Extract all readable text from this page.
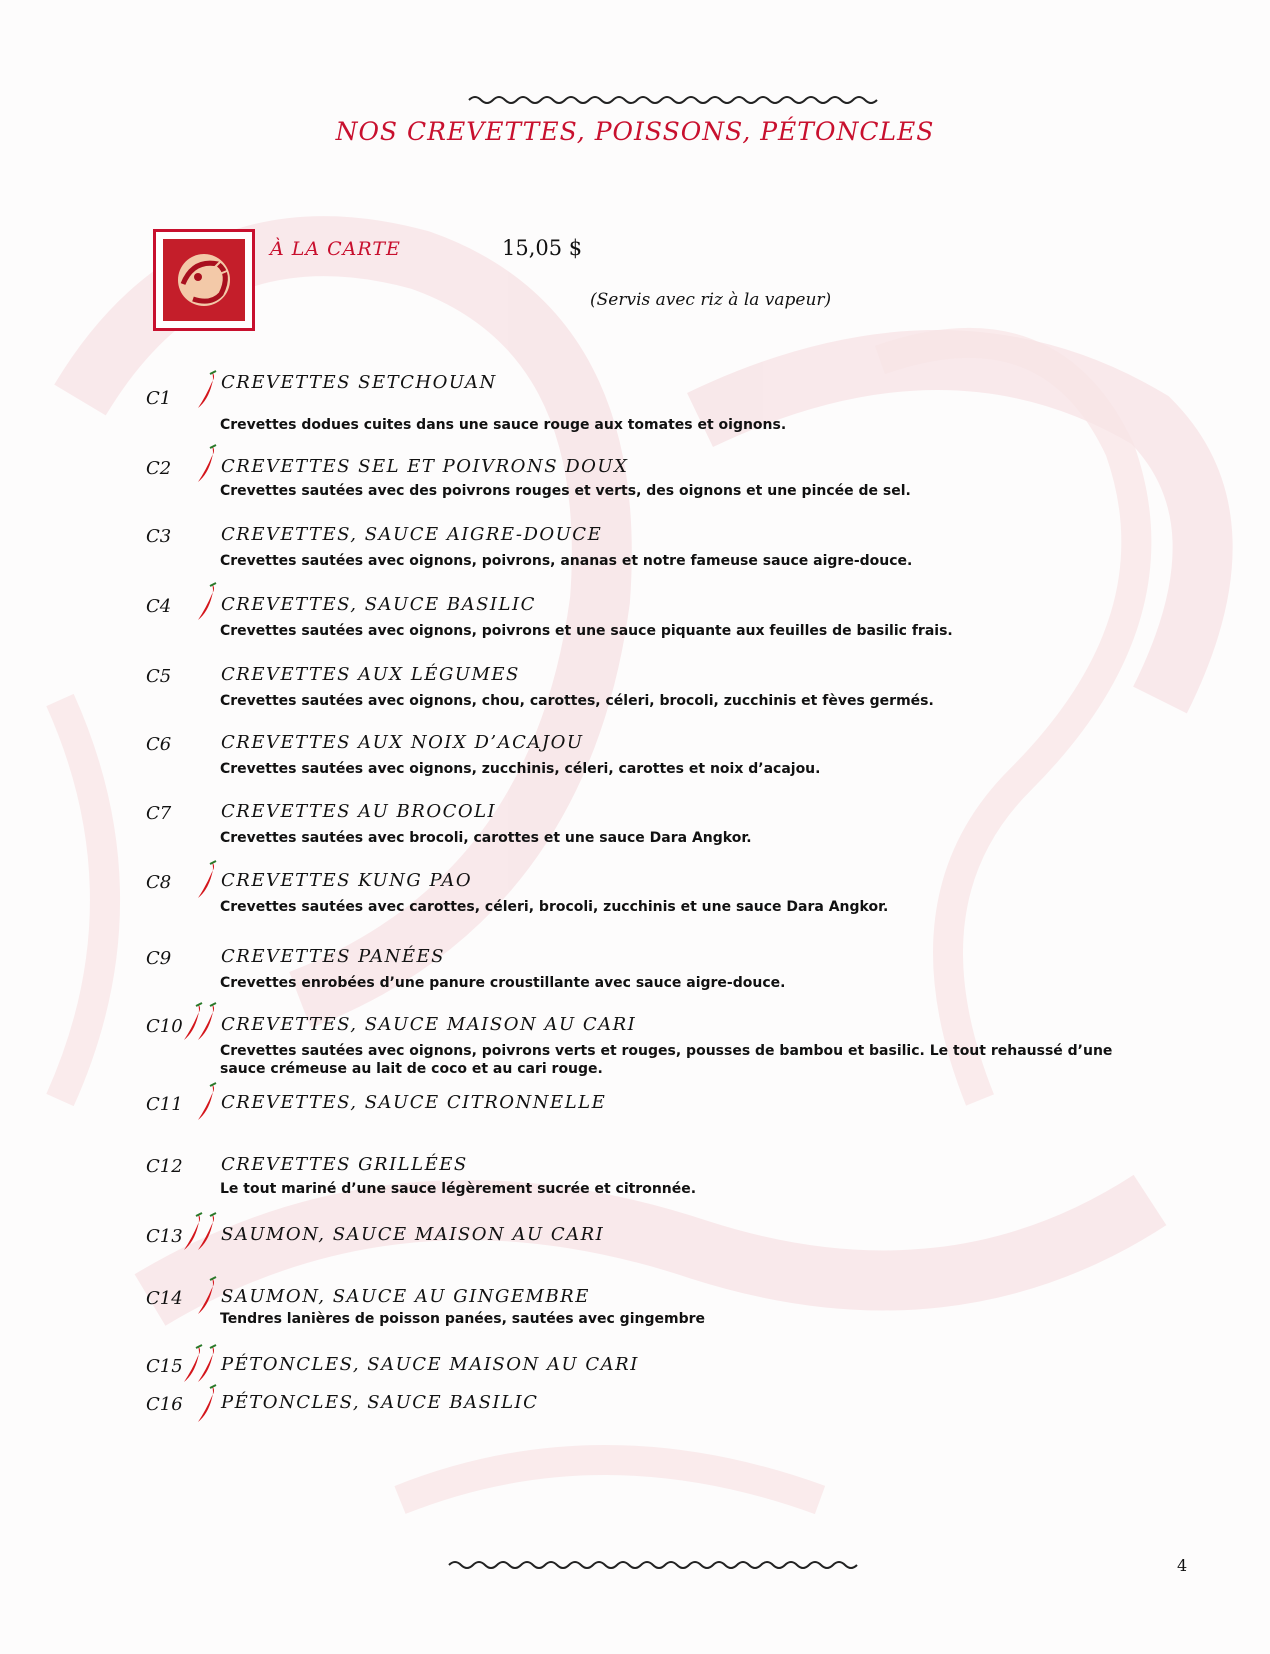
NOS CREVETTES, POISSONS, PÉTONCLES
À LA CARTE	15,05 $
(Servis avec riz à la vapeur)
C1
CREVETTES SETCHOUAN
Crevettes dodues cuites dans une sauce rouge aux tomates et oignons.
C2	CREVETTES SEL ET POIVRONS DOUX
Crevettes sautées avec des poivrons rouges et verts, des oignons et une pincée de sel.
C3	CREVETTES, SAUCE AIGRE-DOUCE
Crevettes sautées avec oignons, poivrons, ananas et notre fameuse sauce aigre-douce.
C4	CREVETTES, SAUCE BASILIC
Crevettes sautées avec oignons, poivrons et une sauce piquante aux feuilles de basilic frais.
C5	CREVETTES AUX LÉGUMES
Crevettes sautées avec oignons, chou, carottes, céleri, brocoli, zucchinis et fèves germés.
C6	CREVETTES AUX NOIX D’ACAJOU
Crevettes sautées avec oignons, zucchinis, céleri, carottes et noix d’acajou.
C7	CREVETTES AU BROCOLI
Crevettes sautées avec brocoli, carottes et une sauce Dara Angkor.
C8	CREVETTES KUNG PAO
Crevettes sautées avec carottes, céleri, brocoli, zucchinis et une sauce Dara Angkor.
C9	CREVETTES PANÉES
Crevettes enrobées d’une panure croustillante avec sauce aigre-douce.
C10 CREVETTES, SAUCE MAISON AU CARI
Crevettes sautées avec oignons, poivrons verts et rouges, pousses de bambou et basilic. Le tout rehaussé d’une sauce crémeuse au lait de coco et au cari rouge.
C11 CREVETTES, SAUCE CITRONNELLE
C12 CREVETTES GRILLÉES
Le tout mariné d’une sauce légèrement sucrée et citronnée.
C13 SAUMON, SAUCE MAISON AU CARI
C14 SAUMON, SAUCE AU GINGEMBRE
Tendres lanières de poisson panées, sautées avec gingembre
C15 PÉTONCLES, SAUCE MAISON AU CARI
C16 PÉTONCLES, SAUCE BASILIC
4
